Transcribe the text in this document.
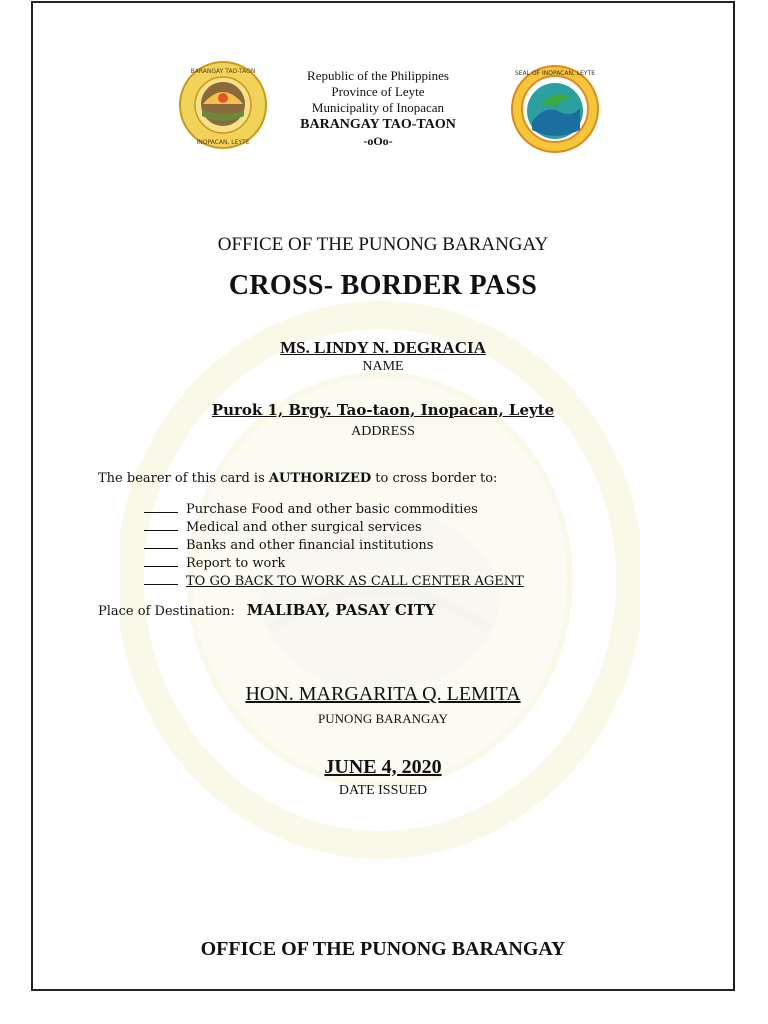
BARANGAY TAO-TAON
INOPACAN, LEYTE
SEAL OF INOPACAN, LEYTE
Republic of the Philippines
Province of Leyte
Municipality of Inopacan
BARANGAY TAO-TAON
-oOo-
OFFICE OF THE PUNONG BARANGAY
CROSS- BORDER PASS
MS. LINDY N. DEGRACIA
NAME
Purok 1, Brgy. Tao-taon, Inopacan, Leyte
ADDRESS
The bearer of this card is AUTHORIZED to cross border to:
Purchase Food and other basic commodities
Medical and other surgical services
Banks and other financial institutions
Report to work
TO GO BACK TO WORK AS CALL CENTER AGENT
Place of Destination: MALIBAY, PASAY CITY
HON. MARGARITA Q. LEMITA
PUNONG BARANGAY
JUNE 4, 2020
DATE ISSUED
OFFICE OF THE PUNONG BARANGAY
